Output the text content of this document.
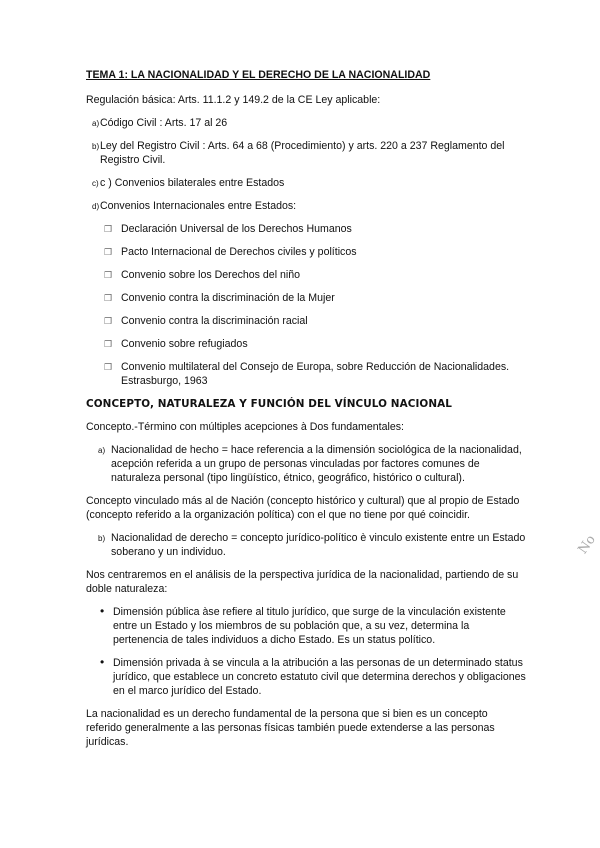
TEMA 1: LA NACIONALIDAD Y EL DERECHO DE LA NACIONALIDAD
Regulación básica: Arts. 11.1.2 y 149.2 de la CE Ley aplicable:
a) Código Civil : Arts. 17 al 26
b) Ley del Registro Civil : Arts. 64 a 68 (Procedimiento) y arts. 220 a 237 Reglamento del Registro Civil.
c) c ) Convenios bilaterales entre Estados
d) Convenios Internacionales entre Estados:
❒ Declaración Universal de los Derechos Humanos
❒ Pacto Internacional de Derechos civiles y políticos
❒ Convenio sobre los Derechos del niño
❒ Convenio contra la discriminación de la Mujer
❒ Convenio contra la discriminación racial
❒ Convenio sobre refugiados
❒ Convenio multilateral del Consejo de Europa, sobre Reducción de Nacionalidades. Estrasburgo, 1963
CONCEPTO, NATURALEZA Y FUNCIÓN DEL VÍNCULO NACIONAL
Concepto.-Término con múltiples acepciones à Dos fundamentales:
a) Nacionalidad de hecho = hace referencia a la dimensión sociológica de la nacionalidad, acepción referida a un grupo de personas vinculadas por factores comunes de naturaleza personal (tipo lingüístico, étnico, geográfico, histórico o cultural).
Concepto vinculado más al de Nación (concepto histórico y cultural) que al propio de Estado (concepto referido a la organización política) con el que no tiene por qué coincidir.
b) Nacionalidad de derecho = concepto jurídico-político è vinculo existente entre un Estado soberano y un individuo.
Nos centraremos en el análisis de la perspectiva jurídica de la nacionalidad, partiendo de su doble naturaleza:
• Dimensión pública àse refiere al titulo jurídico, que surge de la vinculación existente entre un Estado y los miembros de su población que, a su vez, determina la pertenencia de tales individuos a dicho Estado. Es un status político.
• Dimensión privada à se vincula a la atribución a las personas de un determinado status jurídico, que establece un concreto estatuto civil que determina derechos y obligaciones en el marco jurídico del Estado.
La nacionalidad es un derecho fundamental de la persona que si bien es un concepto referido generalmente a las personas físicas también puede extenderse a las personas jurídicas.
No
